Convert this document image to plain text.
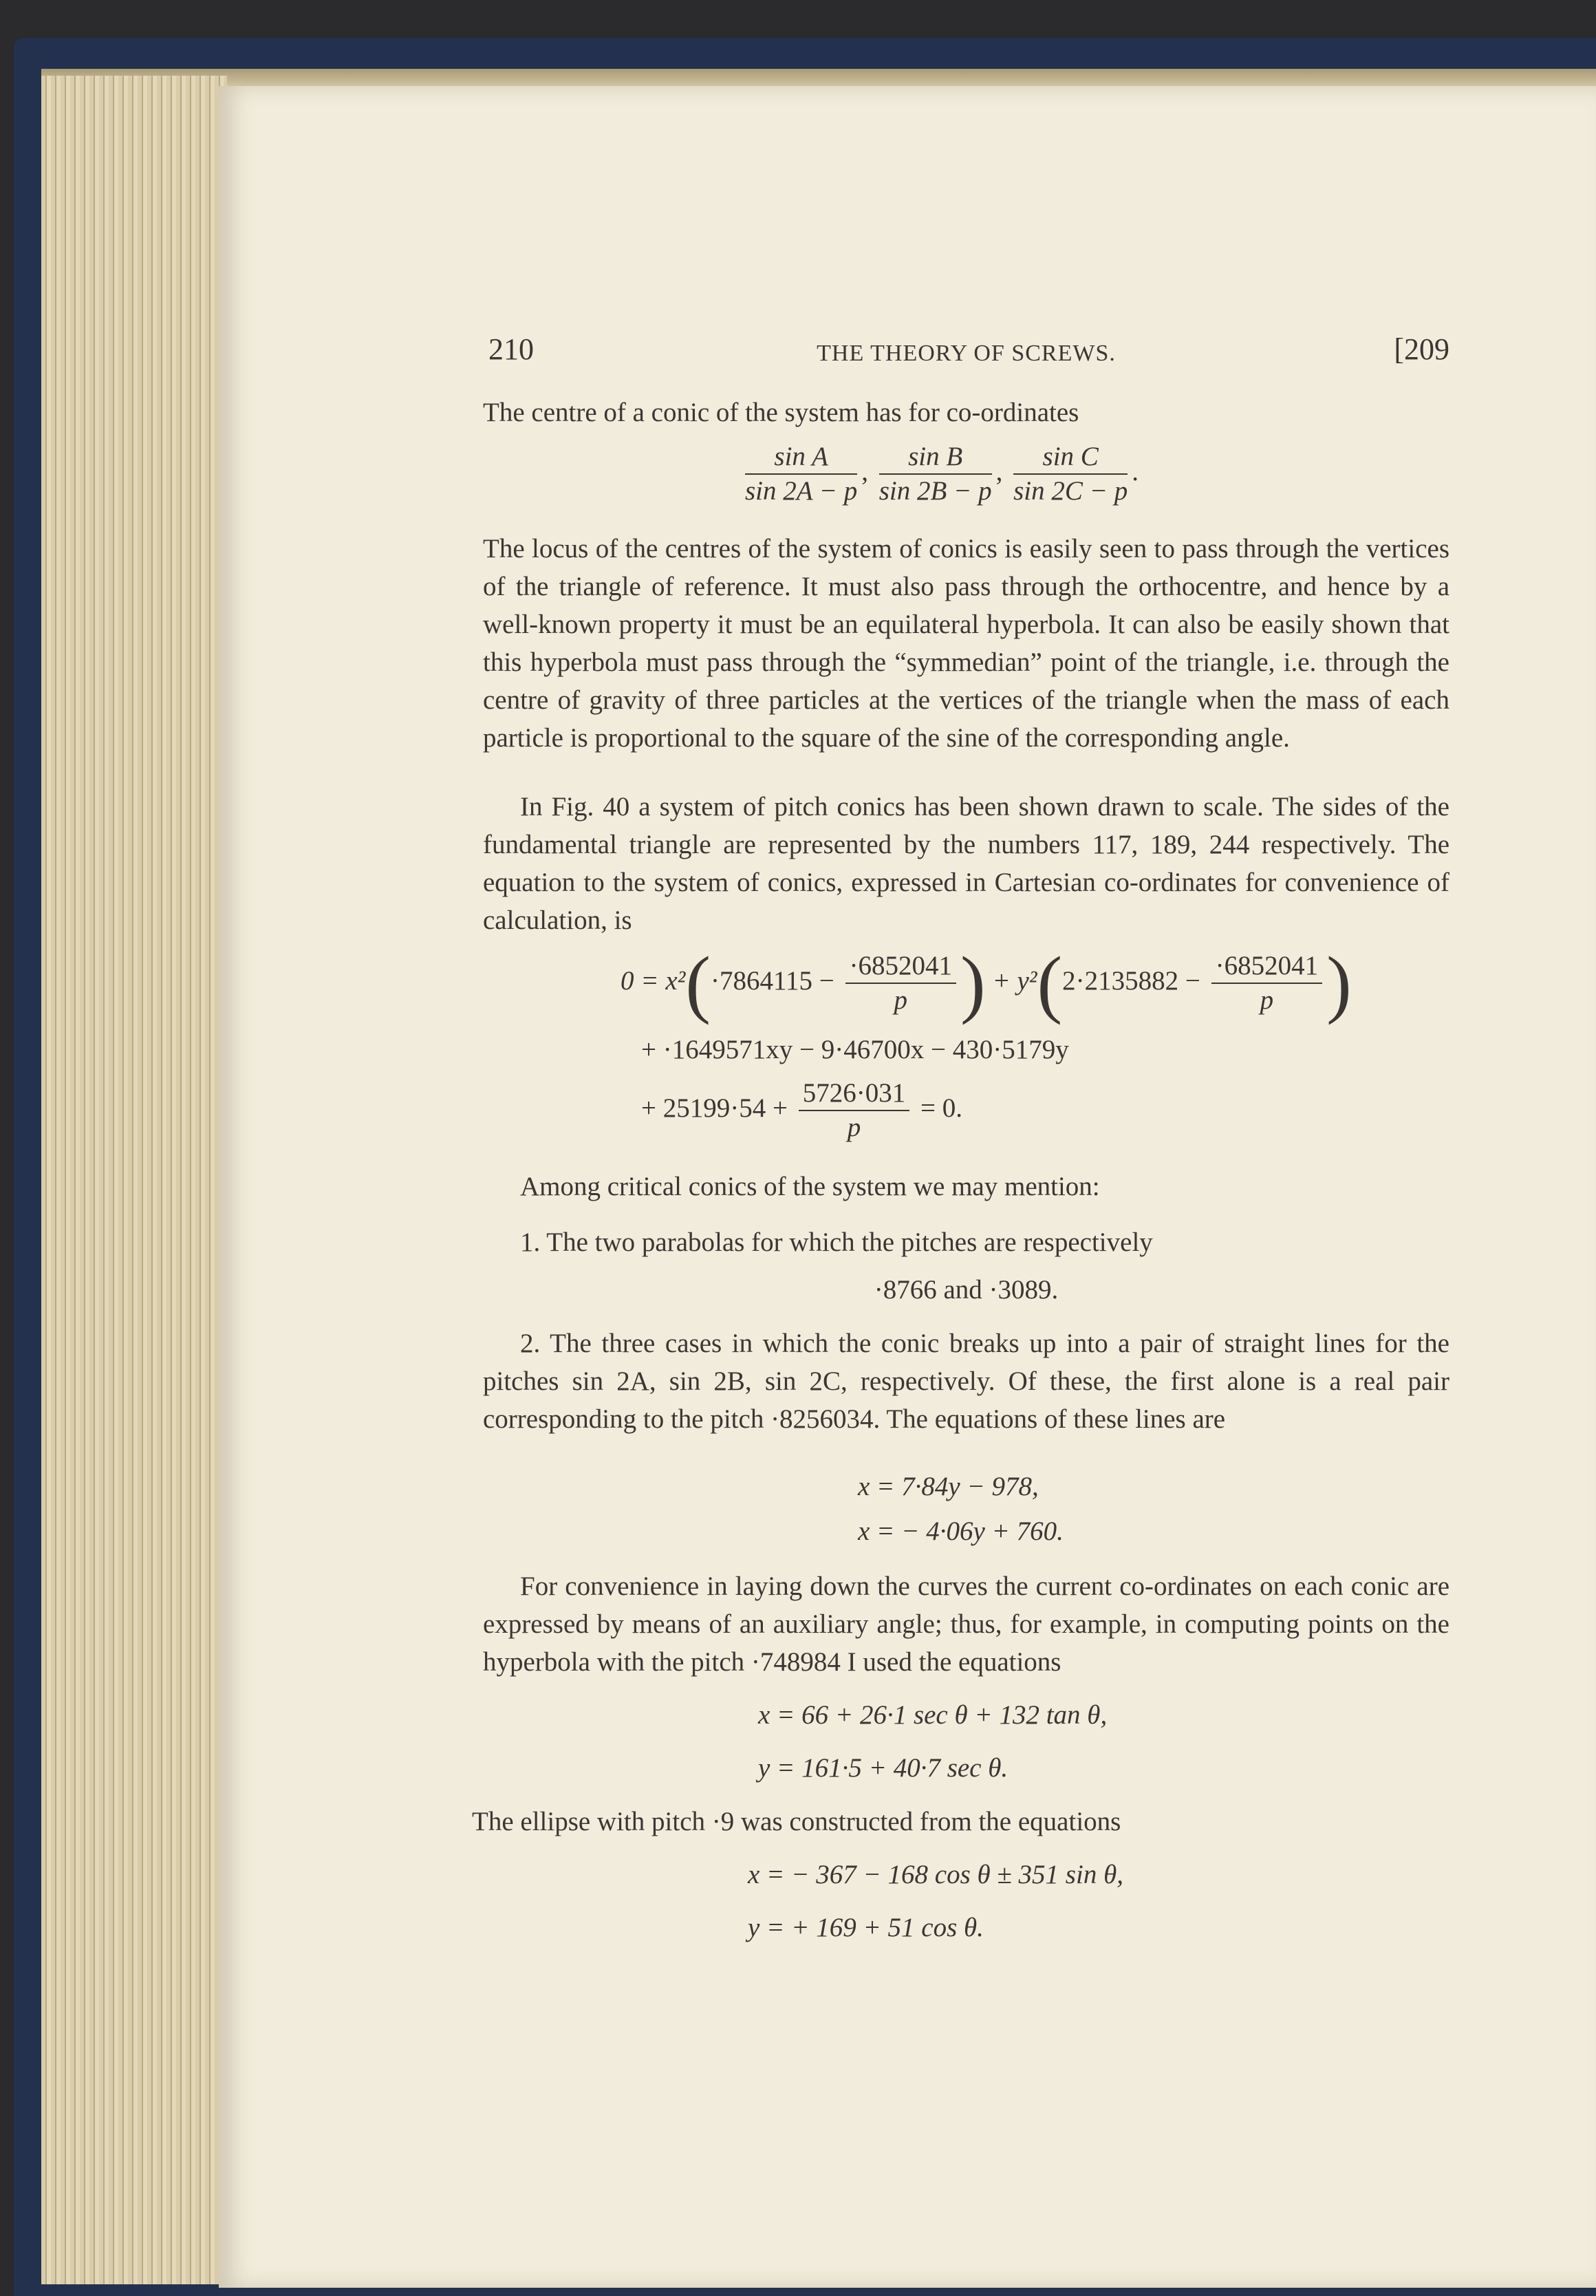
210	THE THEORY OF SCREWS.	[209

The centre of a conic of the system has for co-ordinates

$\frac{\text{sin A}}{\sin 2A - p}$ , $\frac{\text{sin B}}{\sin 2B - p}$ , $\frac{\text{sin C}}{\sin 2C - p}$ .

The locus of the centres of the system of conics is easily seen to pass through the vertices of the triangle of reference. It must also pass through the orthocentre, and hence by a well-known property it must be an equilateral hyperbola. It can also be easily shown that this hyperbola must pass through the “symmedian” point of the triangle, i.e. through the centre of gravity of three particles at the vertices of the triangle when the mass of each particle is proportional to the square of the sine of the corresponding angle.

In Fig. 40 a system of pitch conics has been shown drawn to scale. The sides of the fundamental triangle are represented by the numbers 117, 189, 244 respectively. The equation to the system of conics, expressed in Cartesian co-ordinates for convenience of calculation, is

$0 = x^2(\cdot 7864115 - \frac{\cdot 6852041}{p}$ ) + $y^2(2\cdot 2135882 - \frac{\cdot 6852041}{p}$ )
+ ·1649571xy − 9·46700x − 430·5179y
+ $25199\cdot 54 + \frac{5726\cdot 031}{p} = 0$.

Among critical conics of the system we may mention:

1. The two parabolas for which the pitches are respectively

·8766 and ·3089.

2. The three cases in which the conic breaks up into a pair of straight lines for the pitches sin 2A, sin 2B, sin 2C, respectively. Of these, the first alone is a real pair corresponding to the pitch ·8256034. The equations of these lines are

x = 7·84y − 978,
x = − 4·06y + 760.

For convenience in laying down the curves the current co-ordinates on each conic are expressed by means of an auxiliary angle; thus, for example, in computing points on the hyperbola with the pitch ·748984 I used the equations

x = 66 + 26·1 sec θ + 132 tan θ,
y = 161·5 + 40·7 sec θ.

The ellipse with pitch ·9 was constructed from the equations

x = − 367 − 168 cos θ ± 351 sin θ,
y = + 169 + 51 cos θ.
